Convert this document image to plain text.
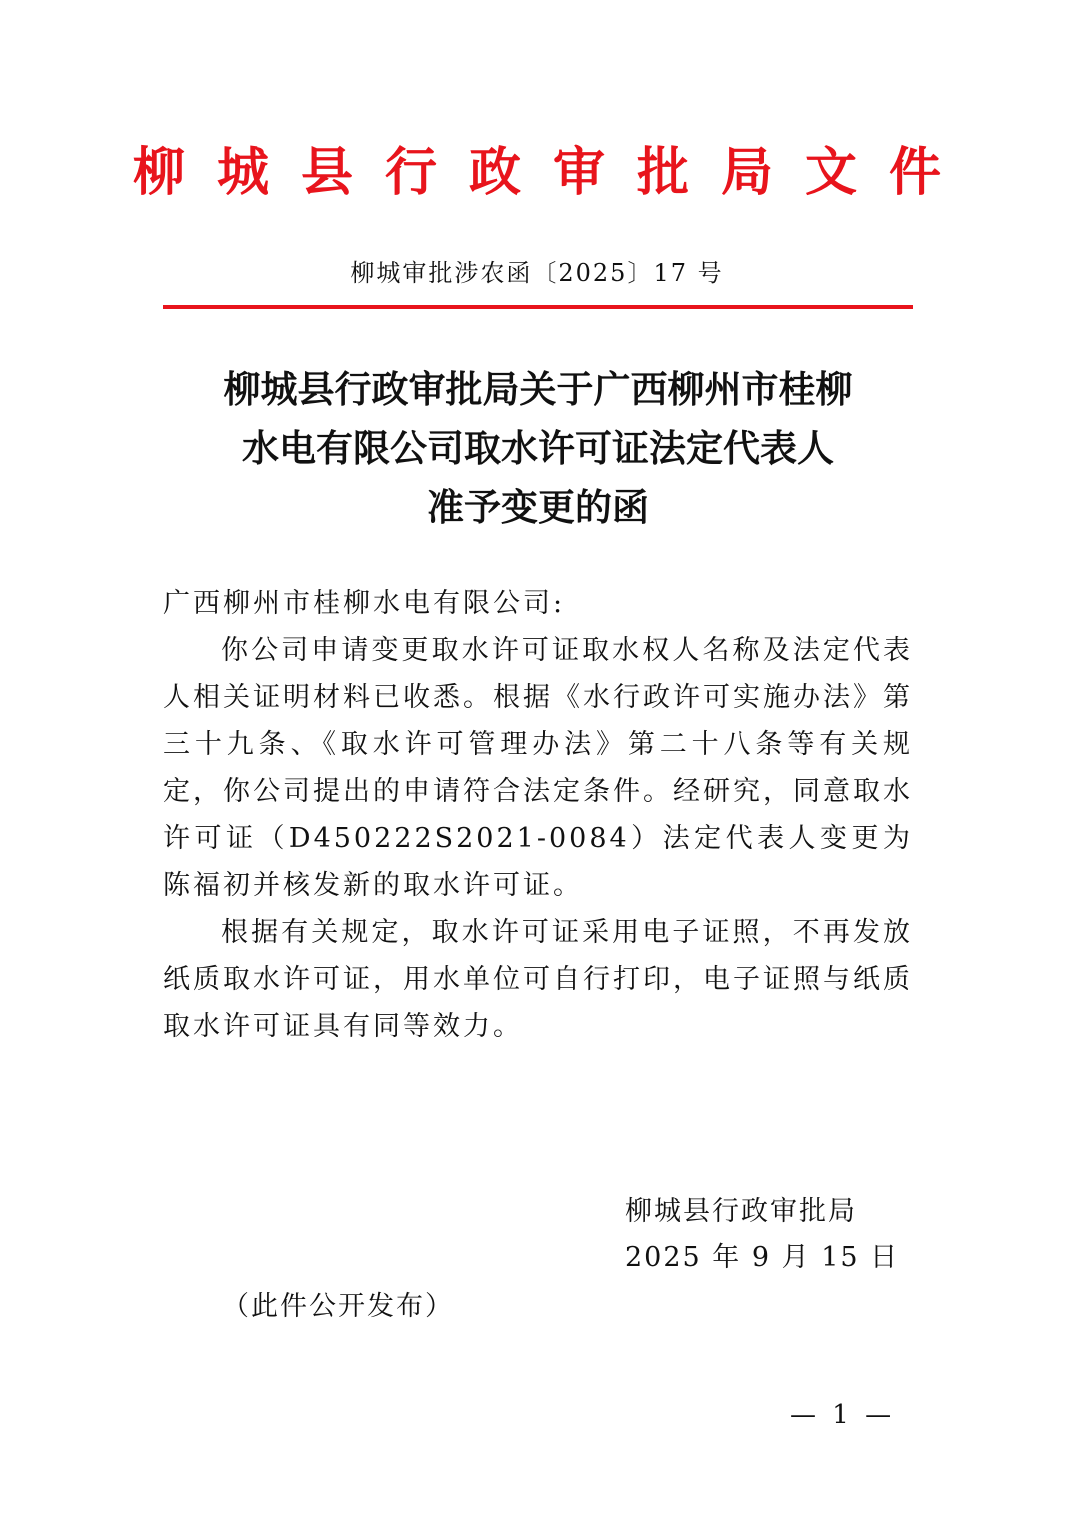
柳城县行政审批局文件
柳城审批涉农函〔2025〕17 号
柳城县行政审批局关于广西柳州市桂柳
水电有限公司取水许可证法定代表人
准予变更的函

广西柳州市桂柳水电有限公司:

你公司申请变更取水许可证取水权人名称及法定代表人相关证明材料已收悉。根据《水行政许可实施办法》第三十九条、《取水许可管理办法》第二十八条等有关规定，你公司提出的申请符合法定条件。经研究，同意取水许可证（D450222S2021-0084）法定代表人变更为陈福初并核发新的取水许可证。

根据有关规定，取水许可证采用电子证照，不再发放纸质取水许可证，用水单位可自行打印，电子证照与纸质取水许可证具有同等效力。

柳城县行政审批局
2025 年 9 月 15 日
（此件公开发布）
— 1 —
